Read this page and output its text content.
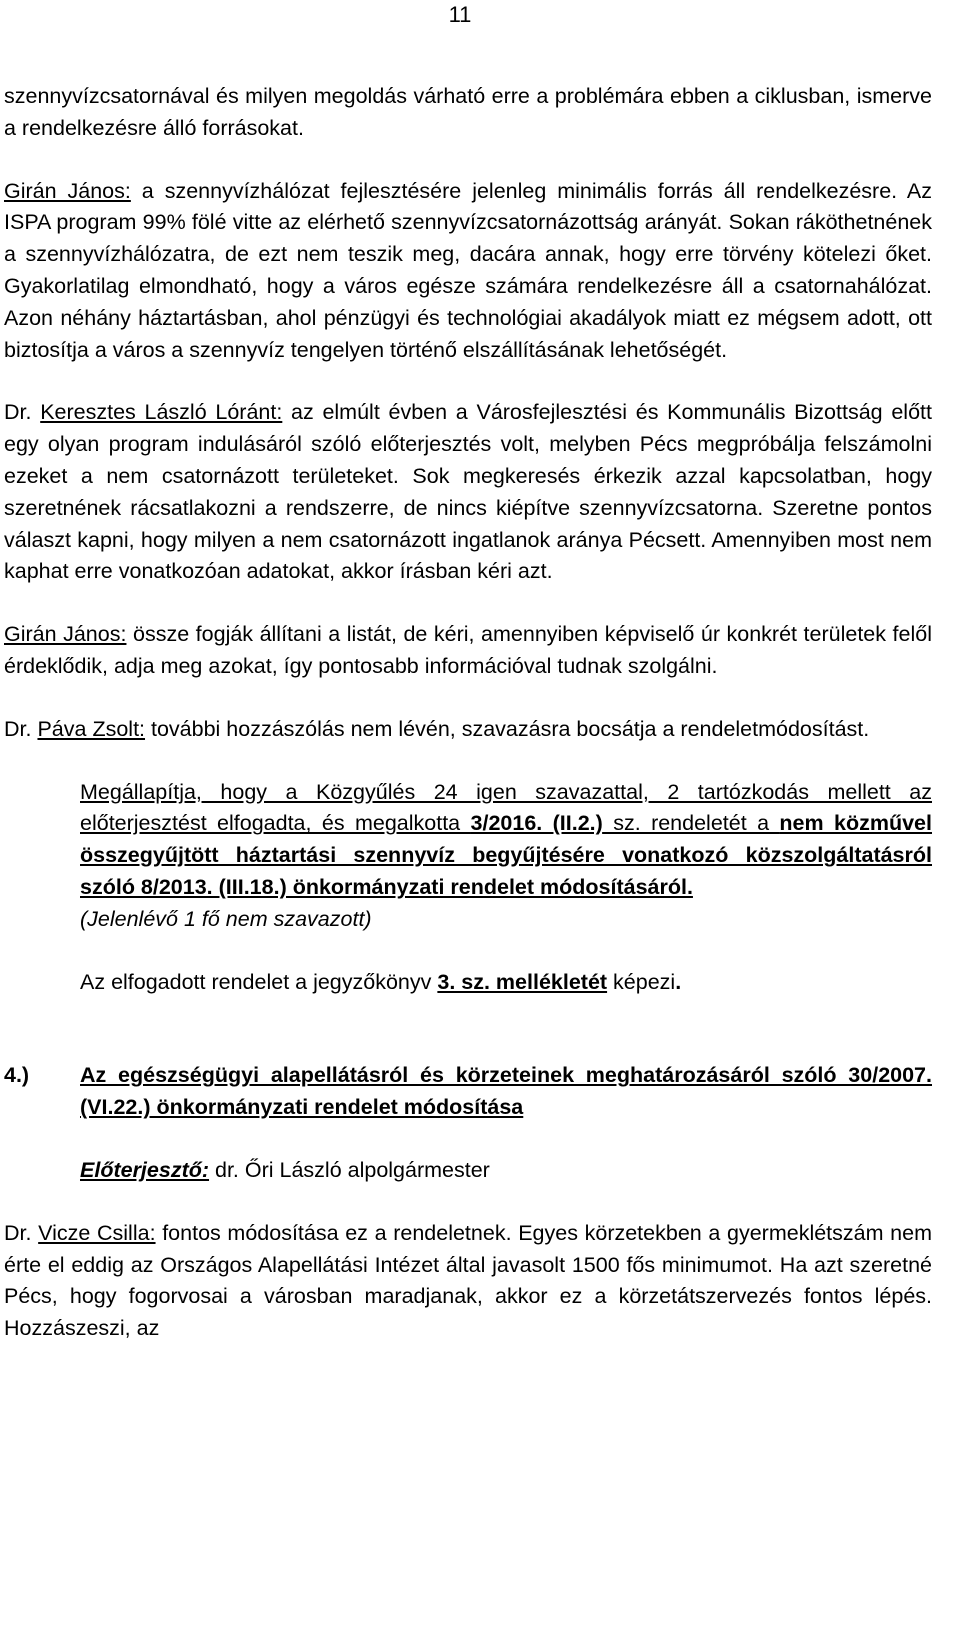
11

szennyvízcsatornával és milyen megoldás várható erre a problémára ebben a ciklusban, ismerve a rendelkezésre álló forrásokat.

Girán János: a szennyvízhálózat fejlesztésére jelenleg minimális forrás áll rendelkezésre. Az ISPA program 99% fölé vitte az elérhető szennyvízcsatornázottság arányát. Sokan ráköthetnének a szennyvízhálózatra, de ezt nem teszik meg, dacára annak, hogy erre törvény kötelezi őket. Gyakorlatilag elmondható, hogy a város egésze számára rendelkezésre áll a csatornahálózat. Azon néhány háztartásban, ahol pénzügyi és technológiai akadályok miatt ez mégsem adott, ott biztosítja a város a szennyvíz tengelyen történő elszállításának lehetőségét.

Dr. Keresztes László Lóránt: az elmúlt évben a Városfejlesztési és Kommunális Bizottság előtt egy olyan program indulásáról szóló előterjesztés volt, melyben Pécs megpróbálja felszámolni ezeket a nem csatornázott területeket. Sok megkeresés érkezik azzal kapcsolatban, hogy szeretnének rácsatlakozni a rendszerre, de nincs kiépítve szennyvízcsatorna. Szeretne pontos választ kapni, hogy milyen a nem csatornázott ingatlanok aránya Pécsett. Amennyiben most nem kaphat erre vonatkozóan adatokat, akkor írásban kéri azt.

Girán János: össze fogják állítani a listát, de kéri, amennyiben képviselő úr konkrét területek felől érdeklődik, adja meg azokat, így pontosabb információval tudnak szolgálni.

Dr. Páva Zsolt: további hozzászólás nem lévén, szavazásra bocsátja a rendeletmódosítást.

Megállapítja, hogy a Közgyűlés 24 igen szavazattal, 2 tartózkodás mellett az előterjesztést elfogadta, és megalkotta 3/2016. (II.2.) sz. rendeletét a nem közművel összegyűjtött háztartási szennyvíz begyűjtésére vonatkozó közszolgáltatásról szóló 8/2013. (III.18.) önkormányzati rendelet módosításáról.

(Jelenlévő 1 fő nem szavazott)

Az elfogadott rendelet a jegyzőkönyv 3. sz. mellékletét képezi.

4.)	Az egészségügyi alapellátásról és körzeteinek meghatározásáról szóló 30/2007. (VI.22.) önkormányzati rendelet módosítása

Előterjesztő: dr. Őri László alpolgármester

Dr. Vicze Csilla: fontos módosítása ez a rendeletnek. Egyes körzetekben a gyermeklétszám nem érte el eddig az Országos Alapellátási Intézet által javasolt 1500 fős minimumot. Ha azt szeretné Pécs, hogy fogorvosai a városban maradjanak, akkor ez a körzetátszervezés fontos lépés. Hozzászeszi, az
